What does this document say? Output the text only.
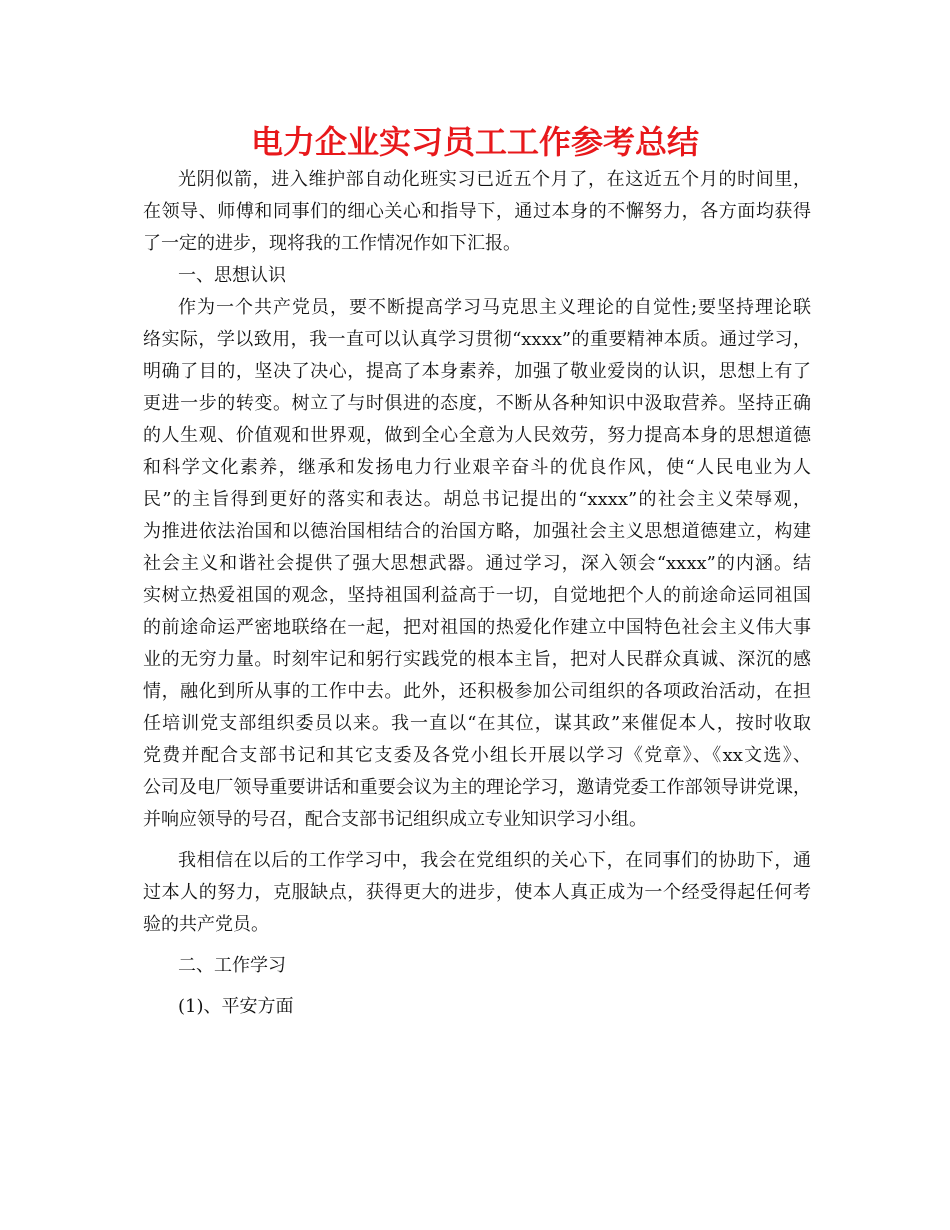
电力企业实习员工工作参考总结
光阴似箭，进入维护部自动化班实习已近五个月了，在这近五个月的时间里，
在领导、师傅和同事们的细心关心和指导下，通过本身的不懈努力，各方面均获得
了一定的进步，现将我的工作情况作如下汇报。
一、思想认识
作为一个共产党员，要不断提高学习马克思主义理论的自觉性;要坚持理论联
络实际，学以致用，我一直可以认真学习贯彻“xxxx”的重要精神本质。通过学习，
明确了目的，坚决了决心，提高了本身素养，加强了敬业爱岗的认识，思想上有了
更进一步的转变。树立了与时俱进的态度，不断从各种知识中汲取营养。坚持正确
的人生观、价值观和世界观，做到全心全意为人民效劳，努力提高本身的思想道德
和科学文化素养，继承和发扬电力行业艰辛奋斗的优良作风，使“人民电业为人
民”的主旨得到更好的落实和表达。胡总书记提出的“xxxx”的社会主义荣辱观，
为推进依法治国和以德治国相结合的治国方略，加强社会主义思想道德建立，构建
社会主义和谐社会提供了强大思想武器。通过学习，深入领会“xxxx”的内涵。结
实树立热爱祖国的观念，坚持祖国利益高于一切，自觉地把个人的前途命运同祖国
的前途命运严密地联络在一起，把对祖国的热爱化作建立中国特色社会主义伟大事
业的无穷力量。时刻牢记和躬行实践党的根本主旨，把对人民群众真诚、深沉的感
情，融化到所从事的工作中去。此外，还积极参加公司组织的各项政治活动，在担
任培训党支部组织委员以来。我一直以“在其位，谋其政”来催促本人，按时收取
党费并配合支部书记和其它支委及各党小组长开展以学习《党章》、《xx文选》、
公司及电厂领导重要讲话和重要会议为主的理论学习，邀请党委工作部领导讲党课，
并响应领导的号召，配合支部书记组织成立专业知识学习小组。
我相信在以后的工作学习中，我会在党组织的关心下，在同事们的协助下，通
过本人的努力，克服缺点，获得更大的进步，使本人真正成为一个经受得起任何考
验的共产党员。
二、工作学习
(1)、平安方面
